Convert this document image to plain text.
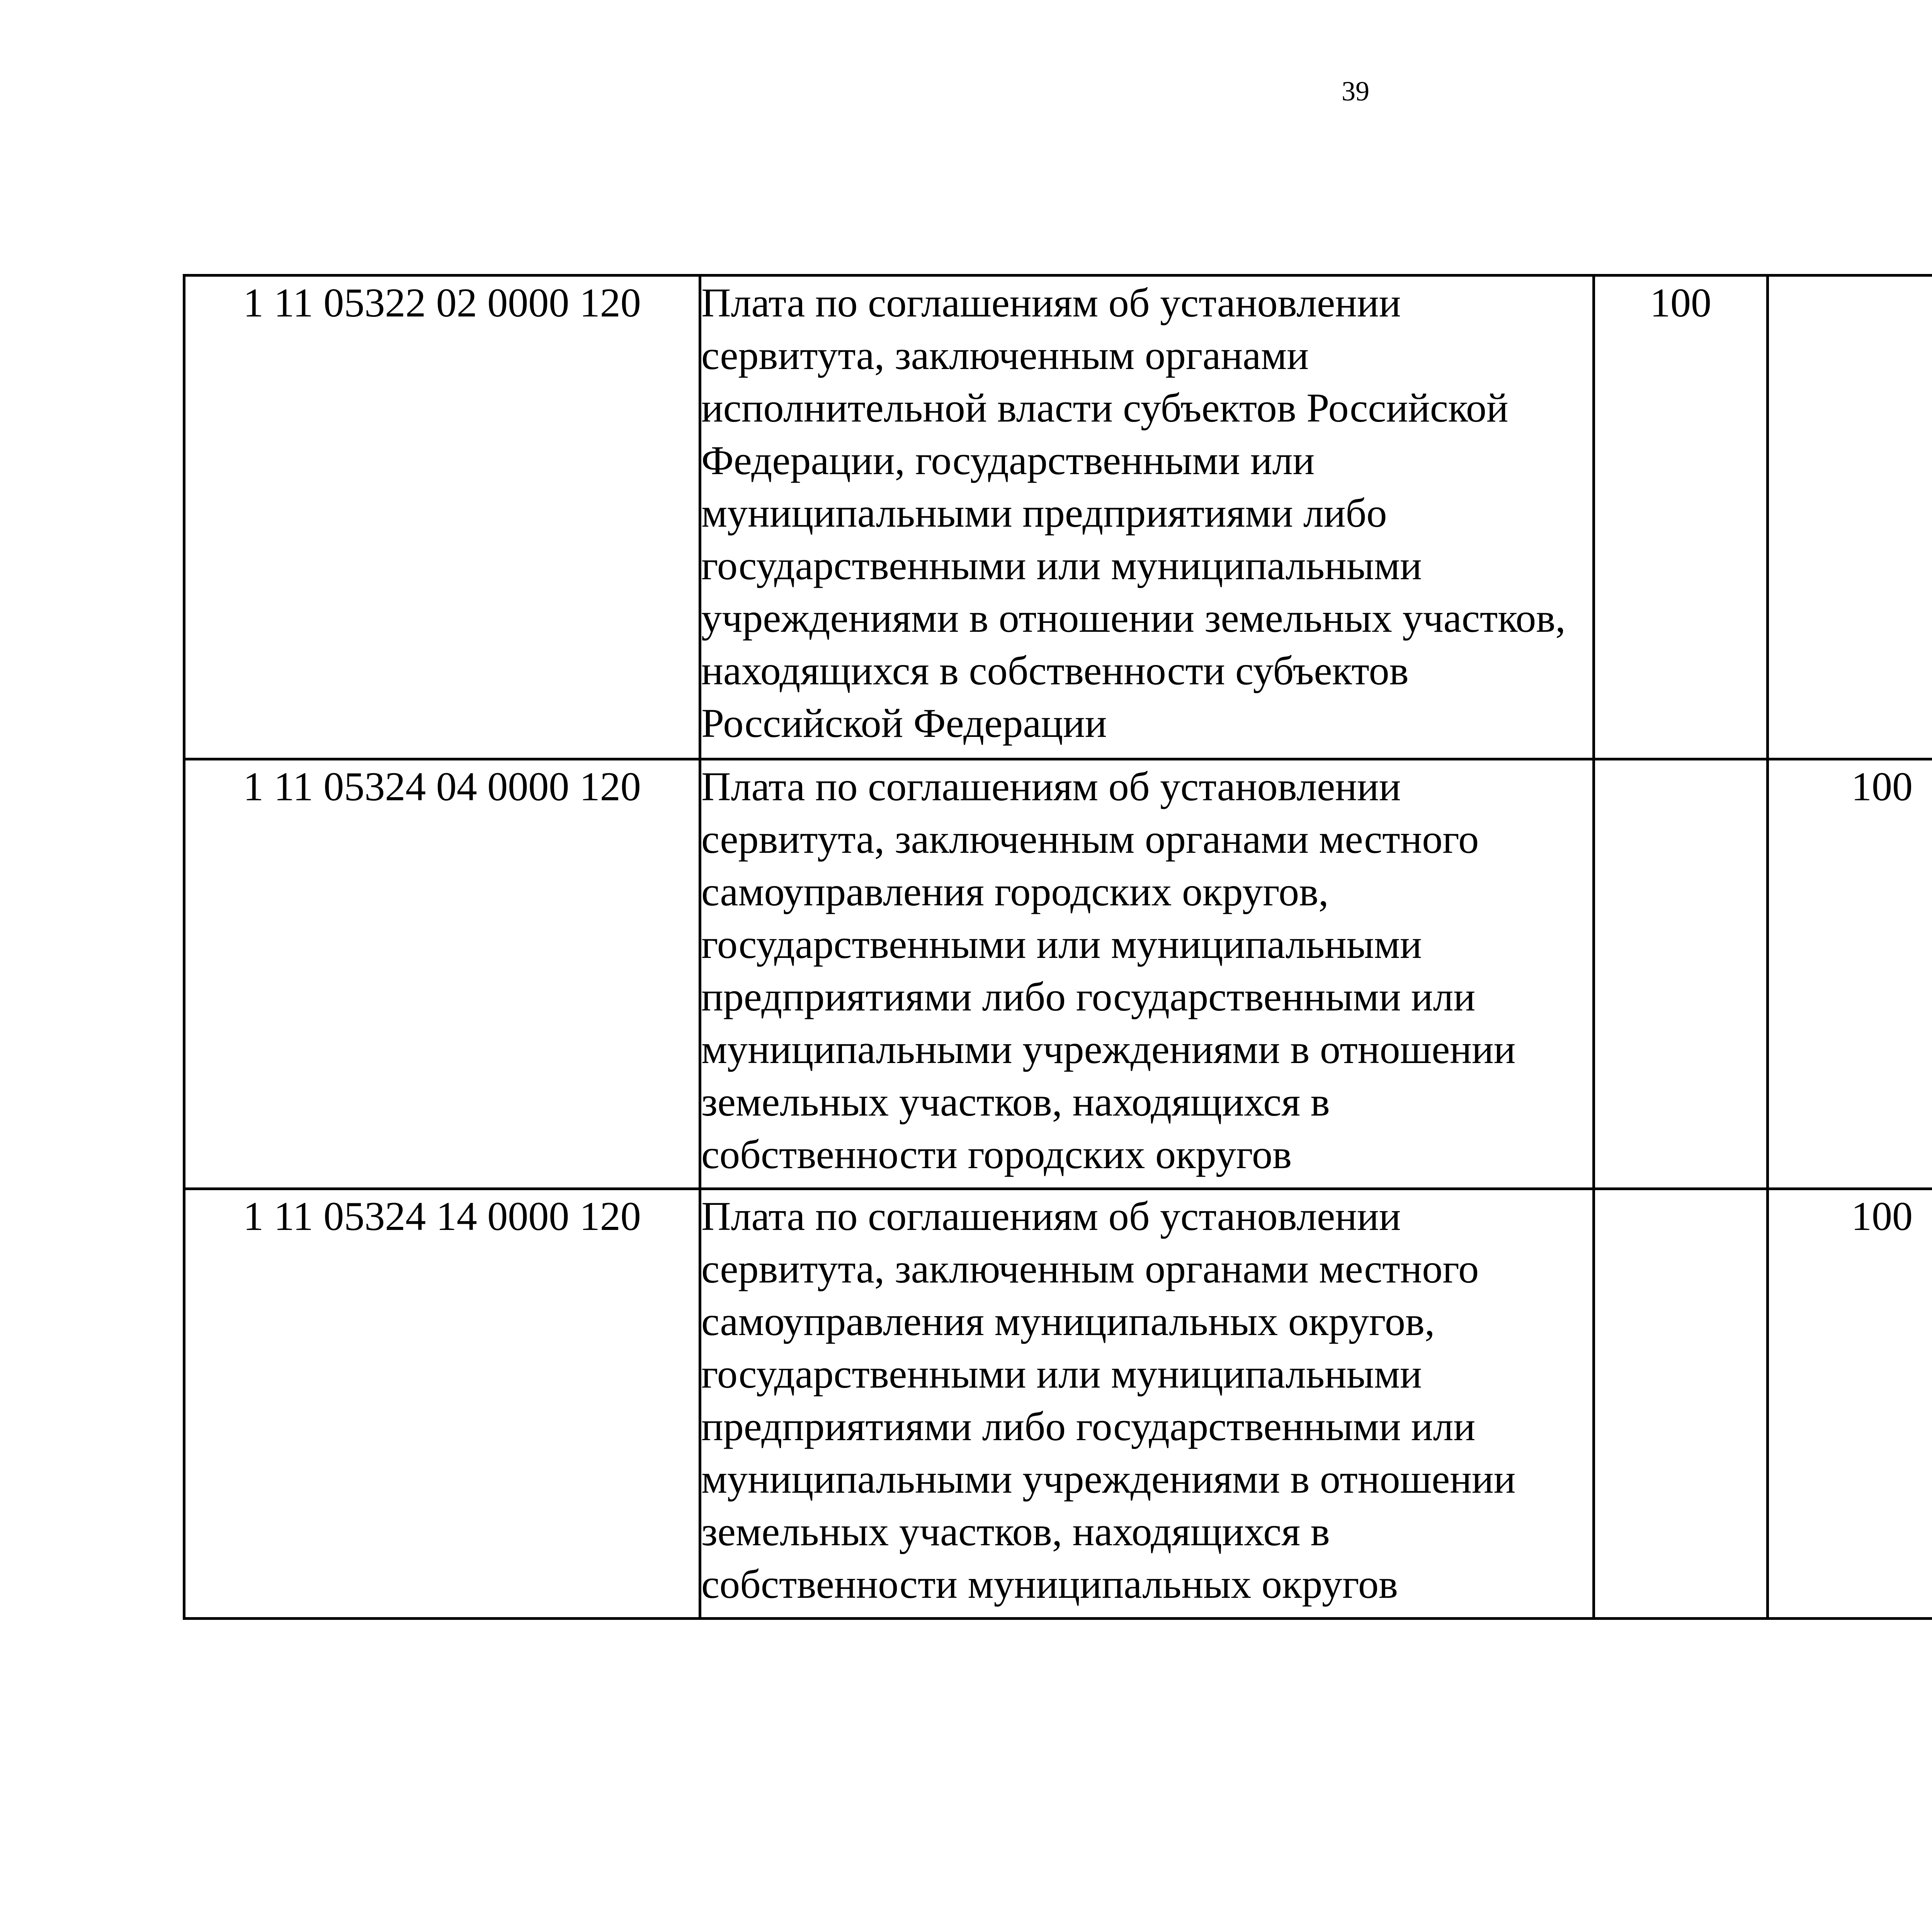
39
1 11 05322 02 0000 120	Плата по соглашениям об установлении сервитута, заключенным органами исполнительной власти субъектов Российской Федерации, государственными или муниципальными предприятиями либо государственными или муниципальными учреждениями в отношении земельных участков, находящихся в собственности субъектов Российской Федерации	100				
1 11 05324 04 0000 120	Плата по соглашениям об установлении сервитута, заключенным органами местного самоуправления городских округов, государственными или муниципальными предприятиями либо государственными или муниципальными учреждениями в отношении земельных участков, находящихся в собственности городских округов		100			
1 11 05324 14 0000 120	Плата по соглашениям об установлении сервитута, заключенным органами местного самоуправления муниципальных округов, государственными или муниципальными предприятиями либо государственными или муниципальными учреждениями в отношении земельных участков, находящихся в собственности муниципальных округов		100			
